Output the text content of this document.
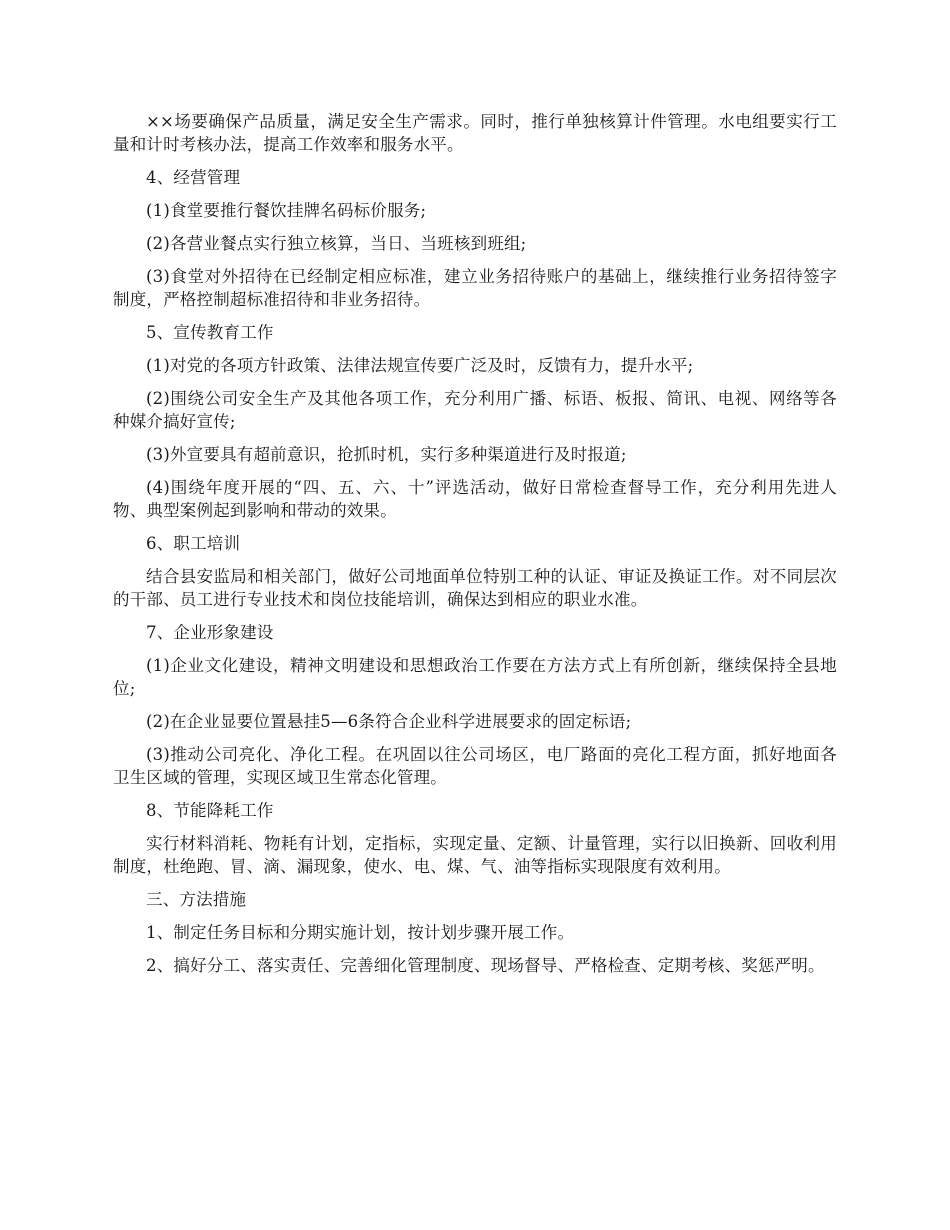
××场要确保产品质量，满足安全生产需求。同时，推行单独核算计件管理。水电组要实行工量和计时考核办法，提高工作效率和服务水平。

4、经营管理

(1)食堂要推行餐饮挂牌名码标价服务;

(2)各营业餐点实行独立核算，当日、当班核到班组;

(3)食堂对外招待在已经制定相应标准，建立业务招待账户的基础上，继续推行业务招待签字制度，严格控制超标准招待和非业务招待。

5、宣传教育工作

(1)对党的各项方针政策、法律法规宣传要广泛及时，反馈有力，提升水平;

(2)围绕公司安全生产及其他各项工作，充分利用广播、标语、板报、简讯、电视、网络等各种媒介搞好宣传;

(3)外宣要具有超前意识，抢抓时机，实行多种渠道进行及时报道;

(4)围绕年度开展的“四、五、六、十”评选活动，做好日常检查督导工作，充分利用先进人物、典型案例起到影响和带动的效果。

6、职工培训

结合县安监局和相关部门，做好公司地面单位特别工种的认证、审证及换证工作。对不同层次的干部、员工进行专业技术和岗位技能培训，确保达到相应的职业水准。

7、企业形象建设

(1)企业文化建设，精神文明建设和思想政治工作要在方法方式上有所创新，继续保持全县地位;

(2)在企业显要位置悬挂5—6条符合企业科学进展要求的固定标语;

(3)推动公司亮化、净化工程。在巩固以往公司场区，电厂路面的亮化工程方面，抓好地面各卫生区域的管理，实现区域卫生常态化管理。

8、节能降耗工作

实行材料消耗、物耗有计划，定指标，实现定量、定额、计量管理，实行以旧换新、回收利用制度，杜绝跑、冒、滴、漏现象，使水、电、煤、气、油等指标实现限度有效利用。

三、方法措施

1、制定任务目标和分期实施计划，按计划步骤开展工作。

2、搞好分工、落实责任、完善细化管理制度、现场督导、严格检查、定期考核、奖惩严明。
